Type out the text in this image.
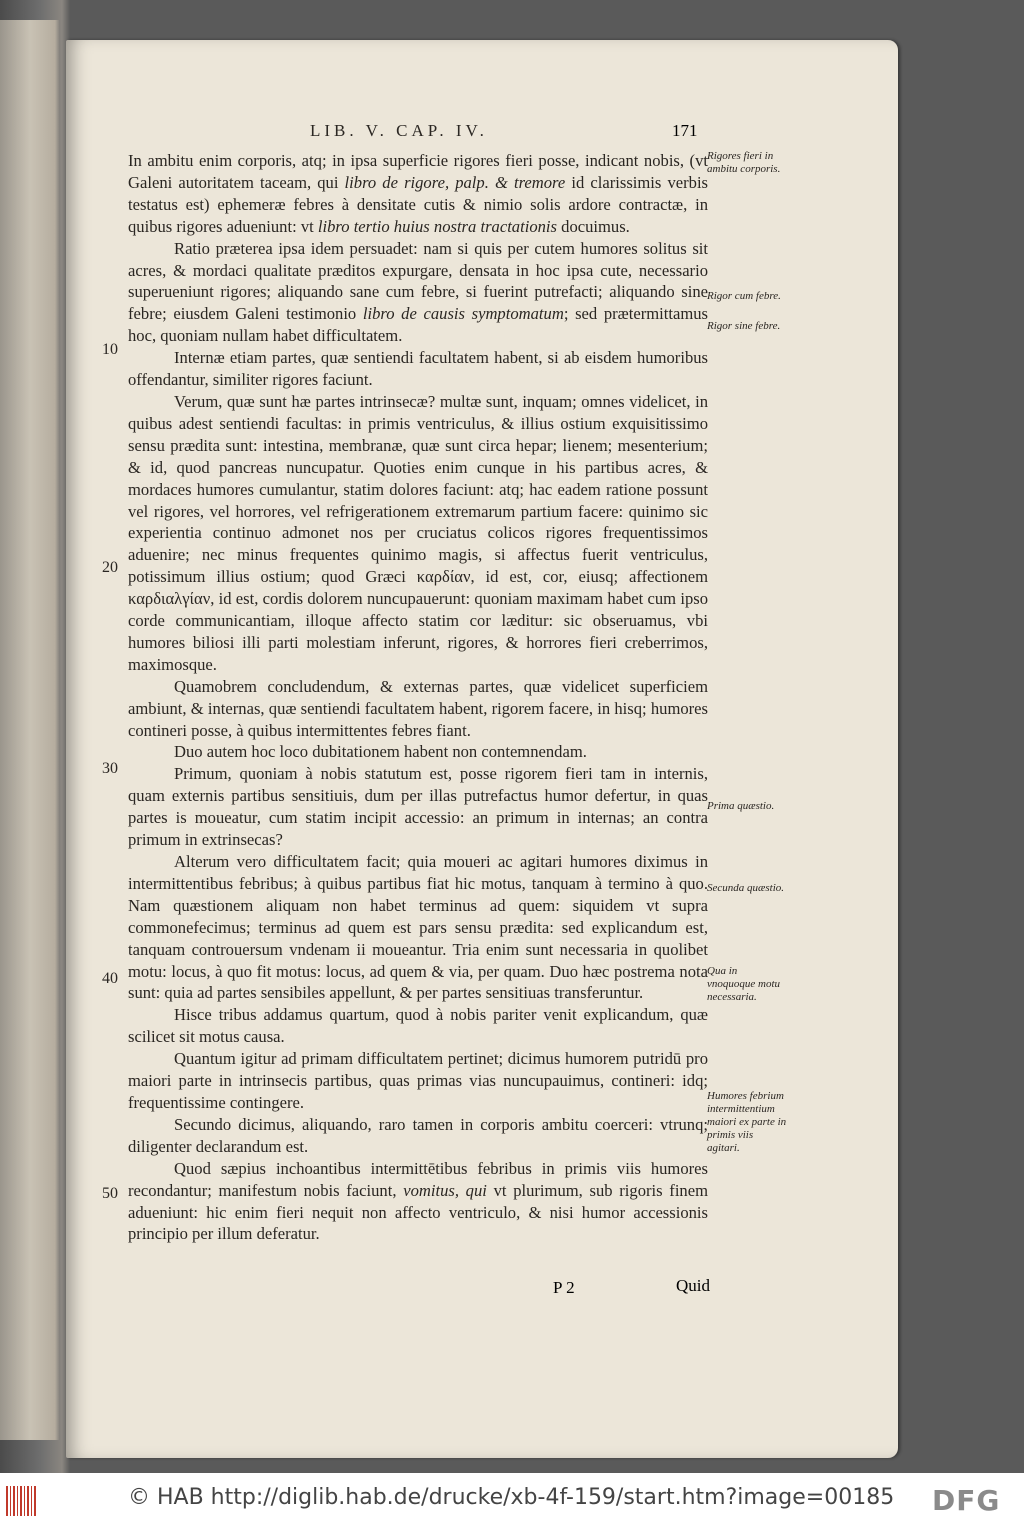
LIB. V. CAP. IV.	171

In ambitu enim corporis, atq; in ipsa superficie rigores fieri posse, indicant nobis, (vt Galeni autoritatem taceam, qui libro de rigore, palp. & tremore id clarissimis verbis testatus est) ephemeræ febres à densitate cutis & nimio solis ardore contractæ, in quibus rigores adueniunt: vt libro tertio huius nostra tractationis docuimus.

Ratio præterea ipsa idem persuadet: nam si quis per cutem humores solitus sit acres, & mordaci qualitate præditos expurgare, densata in hoc ipsa cute, necessario superueniunt rigores; aliquando sane cum febre, si fuerint putrefacti; aliquando sine febre; eiusdem Galeni testimonio libro de causis symptomatum; sed prætermittamus hoc, quoniam nullam habet difficultatem.

Internæ etiam partes, quæ sentiendi facultatem habent, si ab eisdem humoribus offendantur, similiter rigores faciunt.

Verum, quæ sunt hæ partes intrinsecæ? multæ sunt, inquam; omnes videlicet, in quibus adest sentiendi facultas: in primis ventriculus, & illius ostium exquisitissimo sensu prædita sunt: intestina, membranæ, quæ sunt circa hepar; lienem; mesenterium; & id, quod pancreas nuncupatur. Quoties enim cunque in his partibus acres, & mordaces humores cumulantur, statim dolores faciunt: atq; hac eadem ratione possunt vel rigores, vel horrores, vel refrigerationem extremarum partium facere: quinimo sic experientia continuo admonet nos per cruciatus colicos rigores frequentissimos aduenire; nec minus frequentes quinimo magis, si affectus fuerit ventriculus, potissimum illius ostium; quod Græci καρδίαν, id est, cor, eiusq; affectionem καρδιαλγίαν, id est, cordis dolorem nuncupauerunt: quoniam maximam habet cum ipso corde communicantiam, illoque affecto statim cor læditur: sic obseruamus, vbi humores biliosi illi parti molestiam inferunt, rigores, & horrores fieri creberrimos, maximosque.

Quamobrem concludendum, & externas partes, quæ videlicet superficiem ambiunt, & internas, quæ sentiendi facultatem habent, rigorem facere, in hisq; humores contineri posse, à quibus intermittentes febres fiant.

Duo autem hoc loco dubitationem habent non contemnendam.

Primum, quoniam à nobis statutum est, posse rigorem fieri tam in internis, quam externis partibus sensitiuis, dum per illas putrefactus humor defertur, in quas partes is moueatur, cum statim incipit accessio: an primum in internas; an contra primum in extrinsecas?

Alterum vero difficultatem facit; quia moueri ac agitari humores diximus in intermittentibus febribus; à quibus partibus fiat hic motus, tanquam à termino à quo. Nam quæstionem aliquam non habet terminus ad quem: siquidem vt supra commonefecimus; terminus ad quem est pars sensu prædita: sed explicandum est, tanquam controuersum vndenam ii moueantur. Tria enim sunt necessaria in quolibet motu: locus, à quo fit motus: locus, ad quem & via, per quam. Duo hæc postrema nota sunt: quia ad partes sensibiles appellunt, & per partes sensitiuas transferuntur.

Hisce tribus addamus quartum, quod à nobis pariter venit explicandum, quæ scilicet sit motus causa.

Quantum igitur ad primam difficultatem pertinet; dicimus humorem putridū pro maiori parte in intrinsecis partibus, quas primas vias nuncupauimus, contineri: idq; frequentissime contingere.

Secundo dicimus, aliquando, raro tamen in corporis ambitu coerceri: vtrunq; diligenter declarandum est.

Quod sæpius inchoantibus intermittētibus febribus in primis viis humores recondantur; manifestum nobis faciunt, vomitus, qui vt plurimum, sub rigoris finem adueniunt: hic enim fieri nequit non affecto ventriculo, & nisi humor accessionis principio per illum deferatur.

10
20
30
40
50
Rigores fieri in ambitu corporis.
Rigor cum febre.
Rigor sine febre.
Prima quæstio.
Secunda quæstio.
Qua in vnoquoque motu necessaria.
Humores febrium intermittentium maiori ex parte in primis viis agitari.
P 2	Quid
© HAB http://diglib.hab.de/drucke/xb-4f-159/start.htm?image=00185 DFG
